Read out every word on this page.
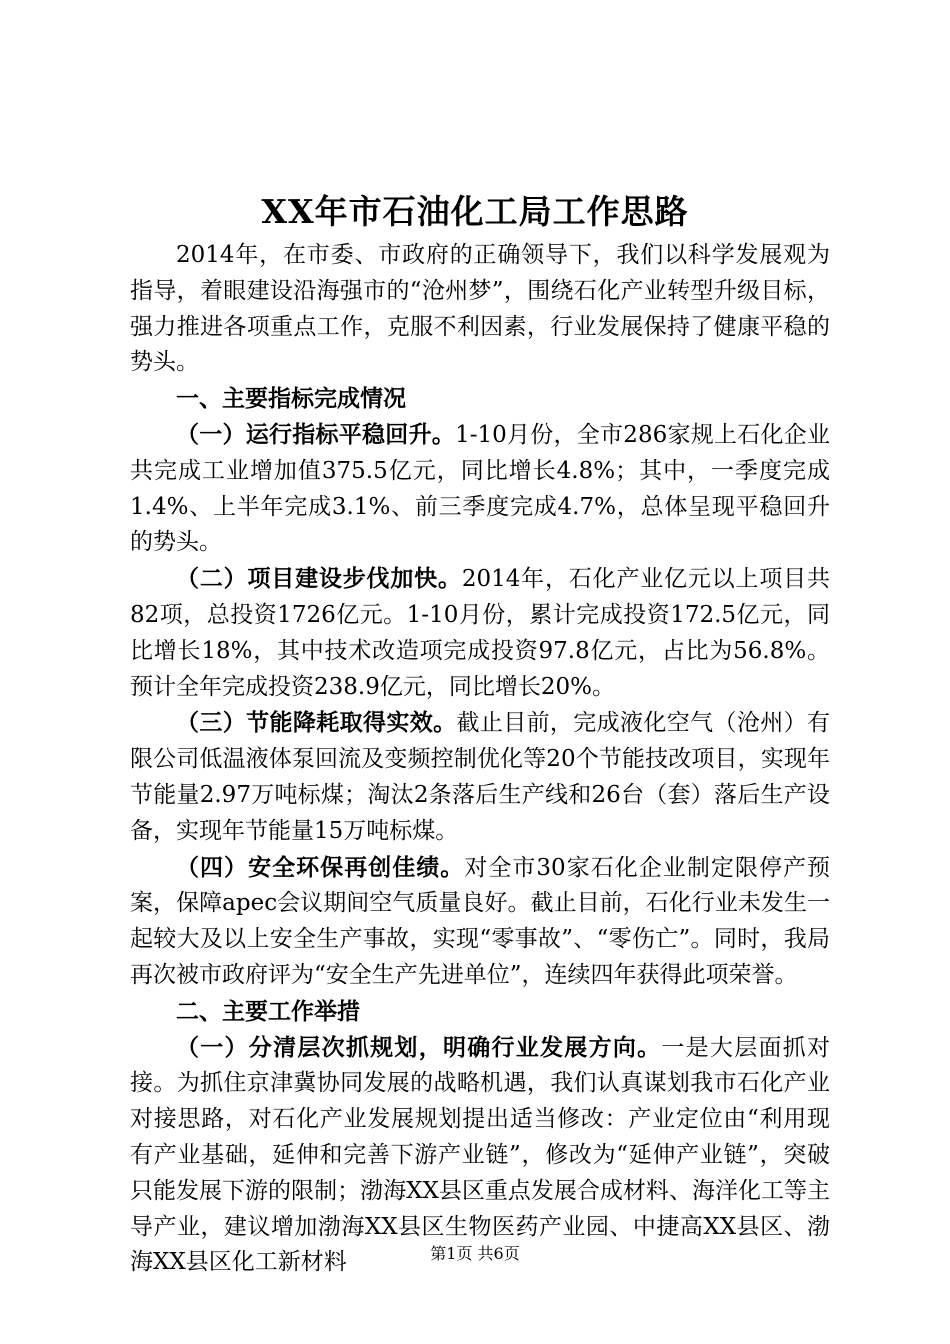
XX年市石油化工局工作思路

2014年，在市委、市政府的正确领导下，我们以科学发展观为指导，着眼建设沿海强市的“沧州梦”，围绕石化产业转型升级目标，强力推进各项重点工作，克服不利因素，行业发展保持了健康平稳的势头。

一、主要指标完成情况

（一）运行指标平稳回升。1-10月份，全市286家规上石化企业共完成工业增加值375.5亿元，同比增长4.8%；其中，一季度完成1.4%、上半年完成3.1%、前三季度完成4.7%，总体呈现平稳回升的势头。

（二）项目建设步伐加快。2014年，石化产业亿元以上项目共82项，总投资1726亿元。1-10月份，累计完成投资172.5亿元，同比增长18%，其中技术改造项完成投资97.8亿元，占比为56.8%。预计全年完成投资238.9亿元，同比增长20%。

（三）节能降耗取得实效。截止目前，完成液化空气（沧州）有限公司低温液体泵回流及变频控制优化等20个节能技改项目，实现年节能量2.97万吨标煤；淘汰2条落后生产线和26台（套）落后生产设备，实现年节能量15万吨标煤。

（四）安全环保再创佳绩。对全市30家石化企业制定限停产预案，保障apec会议期间空气质量良好。截止目前，石化行业未发生一起较大及以上安全生产事故，实现“零事故”、“零伤亡”。同时，我局再次被市政府评为“安全生产先进单位”，连续四年获得此项荣誉。

二、主要工作举措

（一）分清层次抓规划，明确行业发展方向。一是大层面抓对接。为抓住京津冀协同发展的战略机遇，我们认真谋划我市石化产业对接思路，对石化产业发展规划提出适当修改：产业定位由“利用现有产业基础，延伸和完善下游产业链”，修改为“延伸产业链”，突破只能发展下游的限制；渤海XX县区重点发展合成材料、海洋化工等主导产业，建议增加渤海XX县区生物医药产业园、中捷高XX县区、渤海XX县区化工新材料	第1页 共6页
